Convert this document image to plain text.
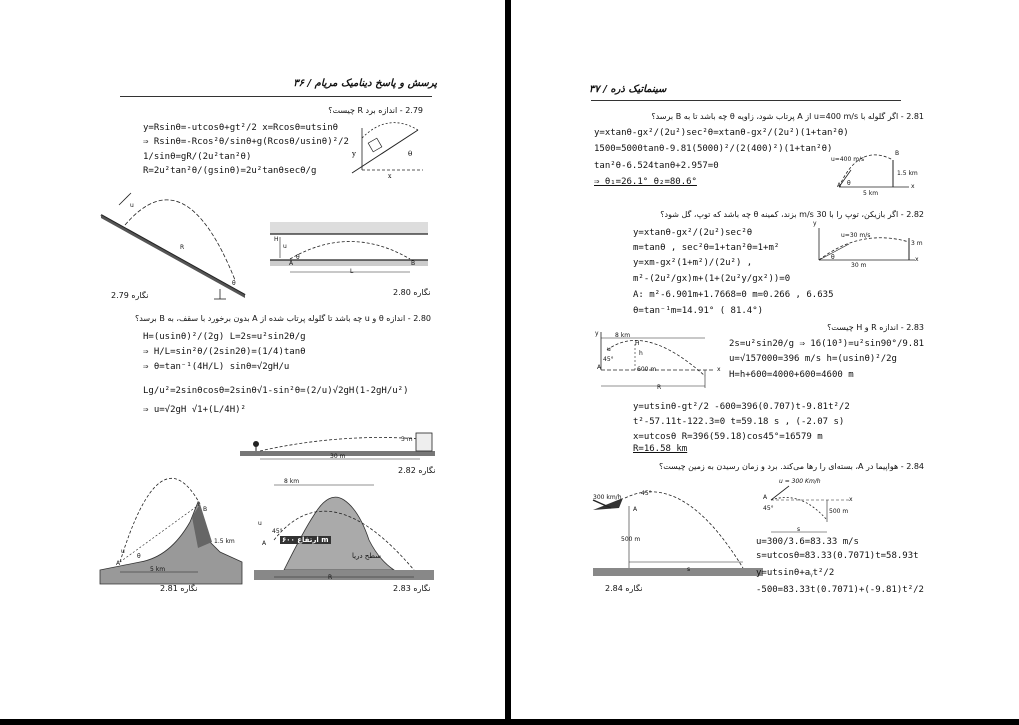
۳۶ / پرسش و پاسخ دینامیک مریام
2.79 - اندازه برد R چیست؟
y=Rsinθ=-utcosθ+gt²/2 x=Rcosθ=utsinθ
⇒ Rsinθ=-Rcos²θ/sinθ+g(Rcosθ/usinθ)²/2
1/sinθ=gR/(2u²tan²θ)
R=2u²tan²θ/(gsinθ)=2u²tanθsecθ/g
y	θ
x
u
R
θ
نگاره 2.79
u
H
θ
A	B
L
نگاره 2.80
2.80 - اندازه θ و u چه باشد تا گلوله پرتاب شده از A بدون برخورد با سقف، به B برسد؟
H=(usinθ)²/(2g) L=2s=u²sin2θ/g
⇒ H/L=sin²θ/(2sin2θ)=(1/4)tanθ
⇒ θ=tan⁻¹(4H/L) sinθ=√2gH/u
Lg/u²=2sinθcosθ=2sinθ√1-sin²θ=(2/u)√2gH(1-2gH/u²)
⇒ u=√2gH √1+(L/4H)²
3 m
30 m
نگاره 2.82
u
A
B
θ
5 km
1.5 km
نگاره 2.81
8 km
u
45°
A ارتفاع ۶۰۰ m
سطح دریا
R
نگاره 2.83
سینماتیک ذره / ۳۷
2.81 - اگر گلوله با u=400 m/s از A پرتاب شود، زاویه θ چه باشد تا به B برسد؟
y=xtanθ-gx²/(2u²)sec²θ=xtanθ-gx²/(2u²)(1+tan²θ)
1500=5000tanθ-9.81(5000)²/(2(400)²)(1+tan²θ)
tan²θ-6.524tanθ+2.957=0
⇒ θ₁=26.1° θ₂=80.6°
u=400 m/s
A θ
B
1.5 km
5 km
x
2.82 - اگر بازیکن، توپ را با 30 m/s بزند، کمینه θ چه باشد که توپ، گل شود؟
y=xtanθ-gx²/(2u²)sec²θ
m=tanθ , sec²θ=1+tan²θ=1+m²
y=xm-gx²(1+m²)/(2u²) ,
m²-(2u²/gx)m+(1+(2u²y/gx²))=0
A: m²-6.901m+1.7668=0 m=0.266 , 6.635
θ=tan⁻¹m=14.91° ( 81.4°)
y
u=30 m/s
θ
30 m
3 m
x
2.83 - اندازه R و H چیست؟
y	8 km
u
45°
600 m
A
R
x
h
H	2s=u²sin2θ/g ⇒ 16(10³)=u²sin90°/9.81
u=√157000=396 m/s h=(usinθ)²/2g
H=h+600=4000+600=4600 m
y=utsinθ-gt²/2 -600=396(0.707)t-9.81t²/2
t²-57.11t-122.3=0 t=59.18 s , (-2.07 s)
x=utcosθ R=396(59.18)cos45°=16579 m
R=16.58 km
2.84 - هواپیما در A، بسته‌ای را رها می‌کند. برد و زمان رسیدن به زمین چیست؟
300 km/h
45°
A
500 m
s
u = 300 Km/h
45°	500 m
x
A
s
u=300/3.6=83.33 m/s
s=utcosθ=83.33(0.7071)t=58.93t
y=utsinθ+aᵧt²/2
-500=83.33t(0.7071)+(-9.81)t²/2
نگاره 2.84
